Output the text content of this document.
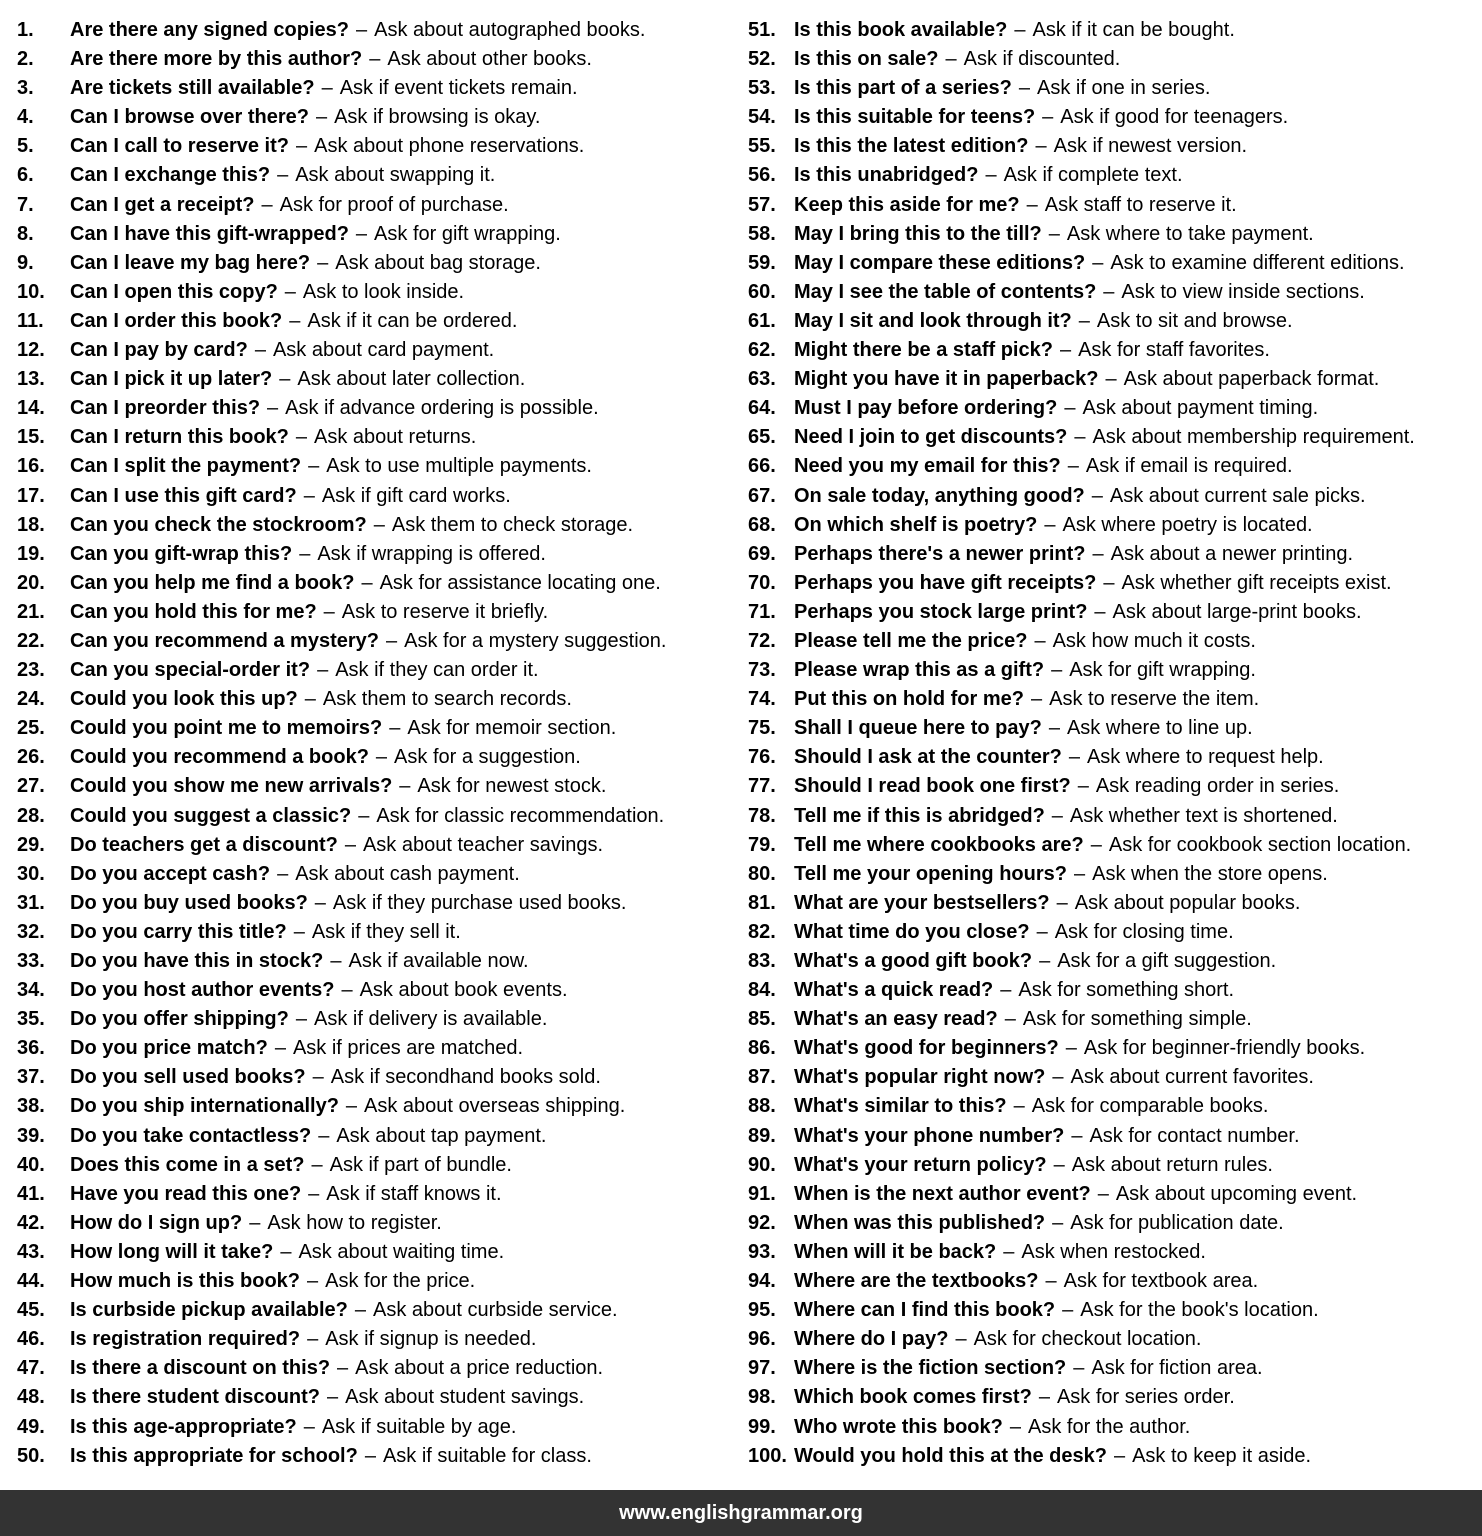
1.	Are there any signed copies? – Ask about autographed books.
2.	Are there more by this author? – Ask about other books.
3.	Are tickets still available? – Ask if event tickets remain.
4.	Can I browse over there? – Ask if browsing is okay.
5.	Can I call to reserve it? – Ask about phone reservations.
6.	Can I exchange this? – Ask about swapping it.
7.	Can I get a receipt? – Ask for proof of purchase.
8.	Can I have this gift-wrapped? – Ask for gift wrapping.
9.	Can I leave my bag here? – Ask about bag storage.
10.	Can I open this copy? – Ask to look inside.
11.	Can I order this book? – Ask if it can be ordered.
12.	Can I pay by card? – Ask about card payment.
13.	Can I pick it up later? – Ask about later collection.
14.	Can I preorder this? – Ask if advance ordering is possible.
15.	Can I return this book? – Ask about returns.
16.	Can I split the payment? – Ask to use multiple payments.
17.	Can I use this gift card? – Ask if gift card works.
18.	Can you check the stockroom? – Ask them to check storage.
19.	Can you gift-wrap this? – Ask if wrapping is offered.
20.	Can you help me find a book? – Ask for assistance locating one.
21.	Can you hold this for me? – Ask to reserve it briefly.
22.	Can you recommend a mystery? – Ask for a mystery suggestion.
23.	Can you special-order it? – Ask if they can order it.
24.	Could you look this up? – Ask them to search records.
25.	Could you point me to memoirs? – Ask for memoir section.
26.	Could you recommend a book? – Ask for a suggestion.
27.	Could you show me new arrivals? – Ask for newest stock.
28.	Could you suggest a classic? – Ask for classic recommendation.
29.	Do teachers get a discount? – Ask about teacher savings.
30.	Do you accept cash? – Ask about cash payment.
31.	Do you buy used books? – Ask if they purchase used books.
32.	Do you carry this title? – Ask if they sell it.
33.	Do you have this in stock? – Ask if available now.
34.	Do you host author events? – Ask about book events.
35.	Do you offer shipping? – Ask if delivery is available.
36.	Do you price match? – Ask if prices are matched.
37.	Do you sell used books? – Ask if secondhand books sold.
38.	Do you ship internationally? – Ask about overseas shipping.
39.	Do you take contactless? – Ask about tap payment.
40.	Does this come in a set? – Ask if part of bundle.
41.	Have you read this one? – Ask if staff knows it.
42.	How do I sign up? – Ask how to register.
43.	How long will it take? – Ask about waiting time.
44.	How much is this book? – Ask for the price.
45.	Is curbside pickup available? – Ask about curbside service.
46.	Is registration required? – Ask if signup is needed.
47.	Is there a discount on this? – Ask about a price reduction.
48.	Is there student discount? – Ask about student savings.
49.	Is this age-appropriate? – Ask if suitable by age.
50.	Is this appropriate for school? – Ask if suitable for class.
51. Is this book available? – Ask if it can be bought.
52. Is this on sale? – Ask if discounted.
53. Is this part of a series? – Ask if one in series.
54. Is this suitable for teens? – Ask if good for teenagers.
55. Is this the latest edition? – Ask if newest version.
56. Is this unabridged? – Ask if complete text.
57. Keep this aside for me? – Ask staff to reserve it.
58. May I bring this to the till? – Ask where to take payment.
59. May I compare these editions? – Ask to examine different editions.
60. May I see the table of contents? – Ask to view inside sections.
61. May I sit and look through it? – Ask to sit and browse.
62. Might there be a staff pick? – Ask for staff favorites.
63. Might you have it in paperback? – Ask about paperback format.
64. Must I pay before ordering? – Ask about payment timing.
65. Need I join to get discounts? – Ask about membership requirement.
66. Need you my email for this? – Ask if email is required.
67. On sale today, anything good? – Ask about current sale picks.
68. On which shelf is poetry? – Ask where poetry is located.
69. Perhaps there's a newer print? – Ask about a newer printing.
70. Perhaps you have gift receipts? – Ask whether gift receipts exist.
71. Perhaps you stock large print? – Ask about large-print books.
72. Please tell me the price? – Ask how much it costs.
73. Please wrap this as a gift? – Ask for gift wrapping.
74. Put this on hold for me? – Ask to reserve the item.
75. Shall I queue here to pay? – Ask where to line up.
76. Should I ask at the counter? – Ask where to request help.
77. Should I read book one first? – Ask reading order in series.
78. Tell me if this is abridged? – Ask whether text is shortened.
79. Tell me where cookbooks are? – Ask for cookbook section location.
80. Tell me your opening hours? – Ask when the store opens.
81. What are your bestsellers? – Ask about popular books.
82. What time do you close? – Ask for closing time.
83. What's a good gift book? – Ask for a gift suggestion.
84. What's a quick read? – Ask for something short.
85. What's an easy read? – Ask for something simple.
86. What's good for beginners? – Ask for beginner-friendly books.
87. What's popular right now? – Ask about current favorites.
88. What's similar to this? – Ask for comparable books.
89. What's your phone number? – Ask for contact number.
90. What's your return policy? – Ask about return rules.
91. When is the next author event? – Ask about upcoming event.
92. When was this published? – Ask for publication date.
93. When will it be back? – Ask when restocked.
94. Where are the textbooks? – Ask for textbook area.
95. Where can I find this book? – Ask for the book's location.
96. Where do I pay? – Ask for checkout location.
97. Where is the fiction section? – Ask for fiction area.
98. Which book comes first? – Ask for series order.
99. Who wrote this book? – Ask for the author.
100. Would you hold this at the desk? – Ask to keep it aside.
www.englishgrammar.org
